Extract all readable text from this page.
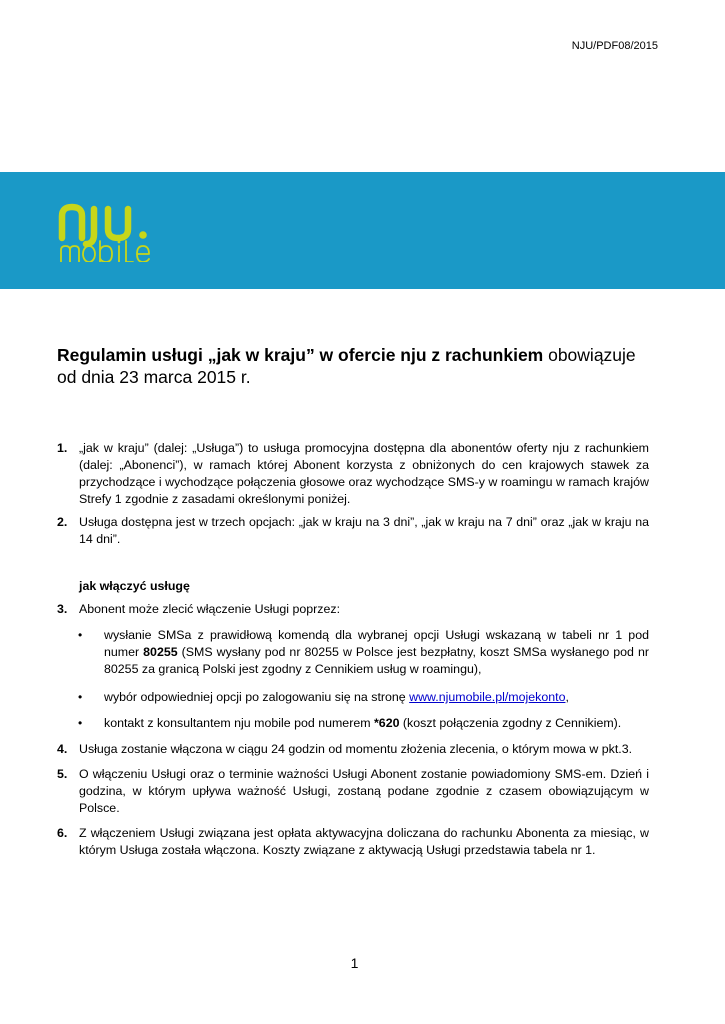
NJU/PDF08/2015
Regulamin usługi „jak w kraju” w ofercie nju z rachunkiem obowiązuje od dnia 23 marca 2015 r.
1. „jak w kraju” (dalej: „Usługa”) to usługa promocyjna dostępna dla abonentów oferty nju z rachunkiem (dalej: „Abonenci”), w ramach której Abonent korzysta z obniżonych do cen krajowych stawek za przychodzące i wychodzące połączenia głosowe oraz wychodzące SMS-y w roamingu w ramach krajów Strefy 1 zgodnie z zasadami określonymi poniżej.
2. Usługa dostępna jest w trzech opcjach: „jak w kraju na 3 dni”, „jak w kraju na 7 dni” oraz „jak w kraju na 14 dni”.
jak włączyć usługę
3. Abonent może zlecić włączenie Usługi poprzez:
• wysłanie SMSa z prawidłową komendą dla wybranej opcji Usługi wskazaną w tabeli nr 1 pod numer 80255 (SMS wysłany pod nr 80255 w Polsce jest bezpłatny, koszt SMSa wysłanego pod nr 80255 za granicą Polski jest zgodny z Cennikiem usług w roamingu),
• wybór odpowiedniej opcji po zalogowaniu się na stronę www.njumobile.pl/mojekonto,
• kontakt z konsultantem nju mobile pod numerem *620 (koszt połączenia zgodny z Cennikiem).
4. Usługa zostanie włączona w ciągu 24 godzin od momentu złożenia zlecenia, o którym mowa w pkt.3.
5. O włączeniu Usługi oraz o terminie ważności Usługi Abonent zostanie powiadomiony SMS-em. Dzień i godzina, w którym upływa ważność Usługi, zostaną podane zgodnie z czasem obowiązującym w Polsce.
6. Z włączeniem Usługi związana jest opłata aktywacyjna doliczana do rachunku Abonenta za miesiąc, w którym Usługa została włączona. Koszty związane z aktywacją Usługi przedstawia tabela nr 1.
1
